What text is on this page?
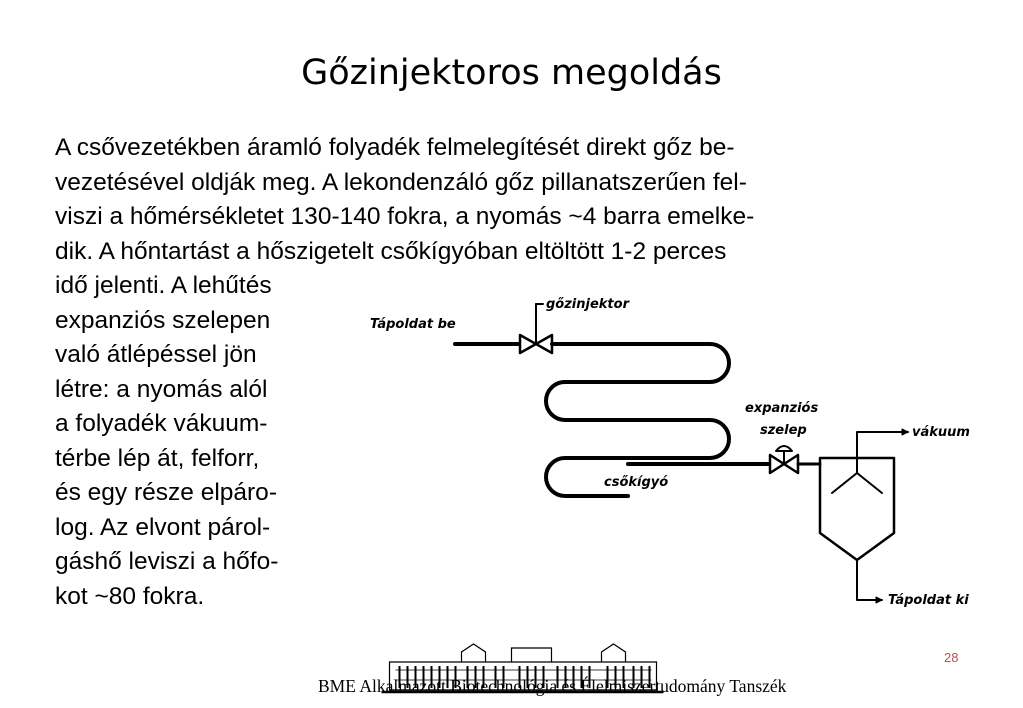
Gőzinjektoros megoldás
A csővezetékben áramló folyadék felmelegítését direkt gőz be-
vezetésével oldják meg. A lekondenzáló gőz pillanatszerűen fel-
viszi a hőmérsékletet 130-140 fokra, a nyomás ~4 barra emelke-
dik. A hőntartást a hőszigetelt csőkígyóban eltöltött 1-2 perces
idő jelenti. A lehűtés
expanziós szelepen
való átlépéssel jön
létre: a nyomás alól
a folyadék vákuum-
térbe lép át, felforr,
és egy része elpáro-
log. Az elvont párol-
gáshő leviszi a hőfo-
kot ~80 fokra.
Tápoldat be
gőzinjektor
expanziós
szelep	vákuum
csőkígyó
Tápoldat ki
28
BME Alkalmazott Biotechnológia és Élelmiszertudomány Tanszék
